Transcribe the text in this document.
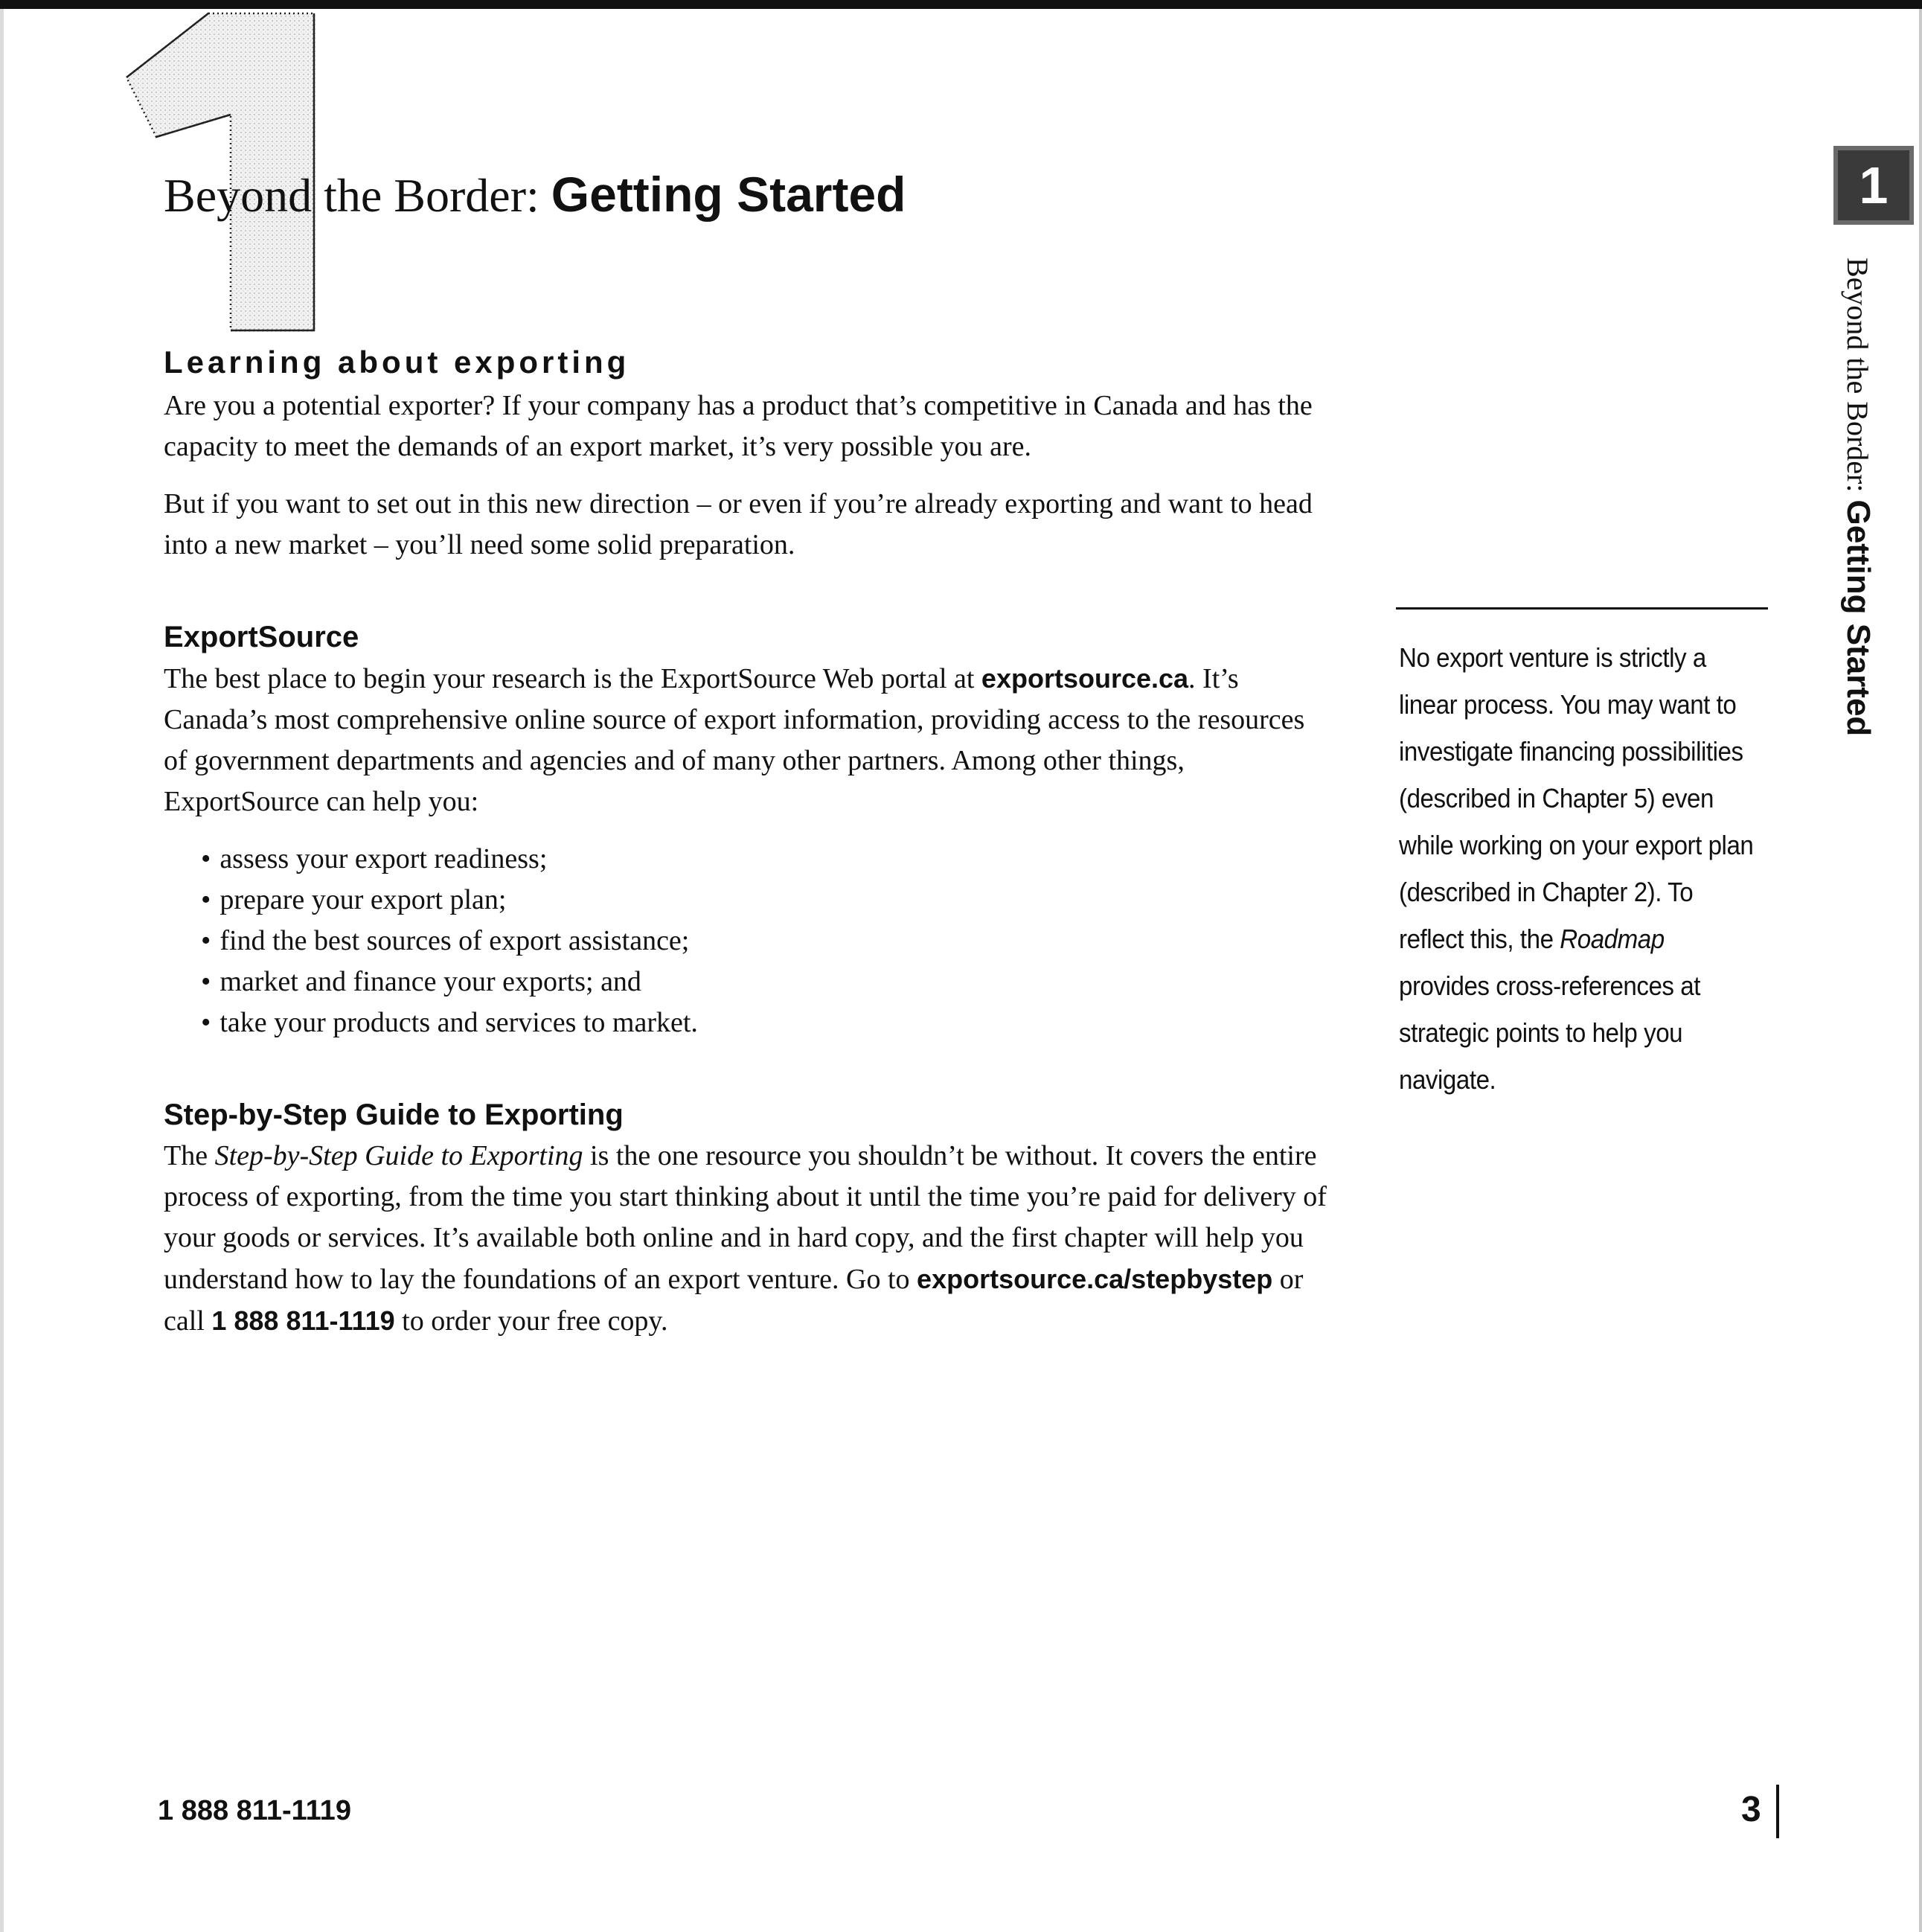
Beyond the Border: Getting Started
Learning about exporting

Are you a potential exporter? If your company has a product that’s competitive in Canada and has the capacity to meet the demands of an export market, it’s very possible you are.

But if you want to set out in this new direction – or even if you’re already exporting and want to head into a new market – you’ll need some solid preparation.

ExportSource

The best place to begin your research is the ExportSource Web portal at exportsource.ca. It’s Canada’s most comprehensive online source of export information, providing access to the resources of government departments and agencies and of many other partners. Among other things, ExportSource can help you:

• assess your export readiness;
• prepare your export plan;
• find the best sources of export assistance;
• market and finance your exports; and
• take your products and services to market.
Step-by-Step Guide to Exporting

The Step-by-Step Guide to Exporting is the one resource you shouldn’t be without. It covers the entire process of exporting, from the time you start thinking about it until the time you’re paid for delivery of your goods or services. It’s available both online and in hard copy, and the first chapter will help you understand how to lay the foundations of an export venture. Go to exportsource.ca/stepbystep or call 1 888 811-1119 to order your free copy.

No export venture is strictly a linear process. You may want to investigate financing possibilities (described in Chapter 5) even while working on your export plan (described in Chapter 2). To reflect this, the Roadmap provides cross-references at strategic points to help you navigate.
1
Beyond the Border: Getting Started
1 888 811-1119	3
